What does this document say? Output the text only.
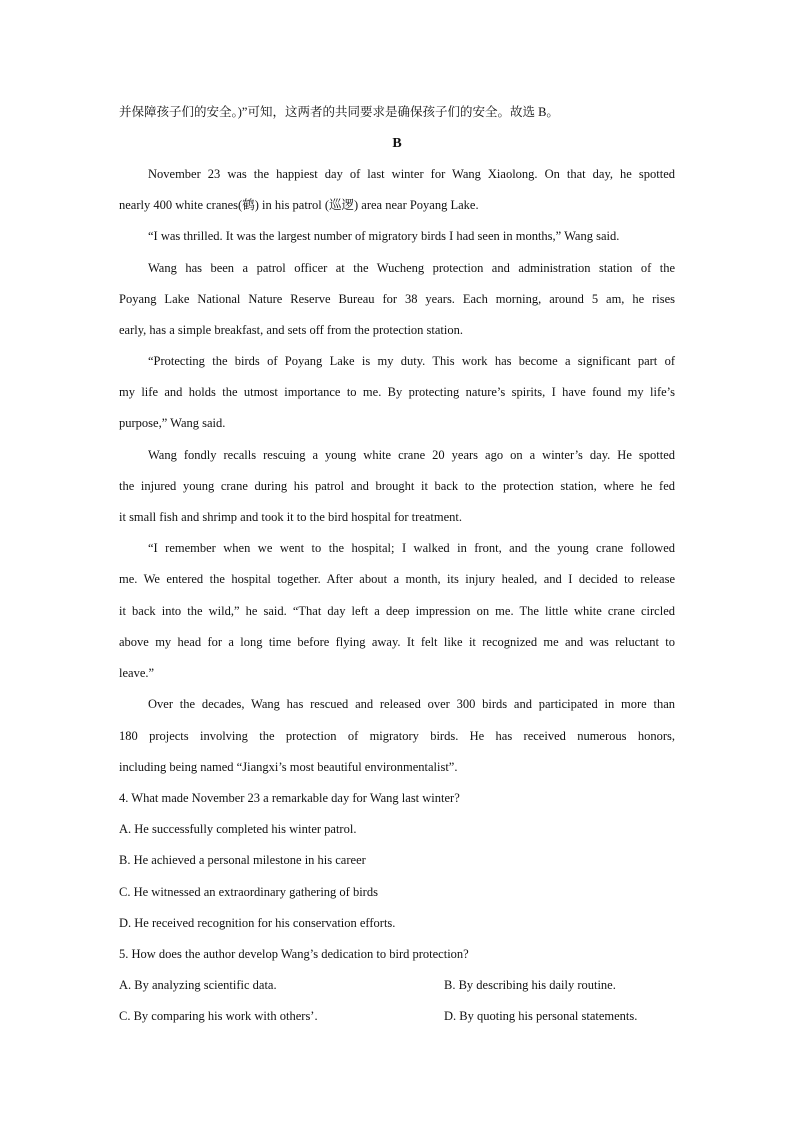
并保障孩子们的安全。)”可知，这两者的共同要求是确保孩子们的安全。故选 B。
B
November 23 was the happiest day of last winter for Wang Xiaolong. On that day, he spotted
nearly 400 white cranes(鹤) in his patrol (巡逻) area near Poyang Lake.
“I was thrilled. It was the largest number of migratory birds I had seen in months,” Wang said.
Wang has been a patrol officer at the Wucheng protection and administration station of the
Poyang Lake National Nature Reserve Bureau for 38 years. Each morning, around 5 am, he rises
early, has a simple breakfast, and sets off from the protection station.
“Protecting the birds of Poyang Lake is my duty. This work has become a significant part of
my life and holds the utmost importance to me. By protecting nature’s spirits, I have found my life’s
purpose,” Wang said.
Wang fondly recalls rescuing a young white crane 20 years ago on a winter’s day. He spotted
the injured young crane during his patrol and brought it back to the protection station, where he fed
it small fish and shrimp and took it to the bird hospital for treatment.
“I remember when we went to the hospital; I walked in front, and the young crane followed
me. We entered the hospital together. After about a month, its injury healed, and I decided to release
it back into the wild,” he said. “That day left a deep impression on me. The little white crane circled
above my head for a long time before flying away. It felt like it recognized me and was reluctant to
leave.”
Over the decades, Wang has rescued and released over 300 birds and participated in more than
180 projects involving the protection of migratory birds. He has received numerous honors,
including being named “Jiangxi’s most beautiful environmentalist”.
4. What made November 23 a remarkable day for Wang last winter?
A. He successfully completed his winter patrol.
B. He achieved a personal milestone in his career
C. He witnessed an extraordinary gathering of birds
D. He received recognition for his conservation efforts.
5. How does the author develop Wang’s dedication to bird protection?
A. By analyzing scientific data.	B. By describing his daily routine.
C. By comparing his work with others’.	D. By quoting his personal statements.
